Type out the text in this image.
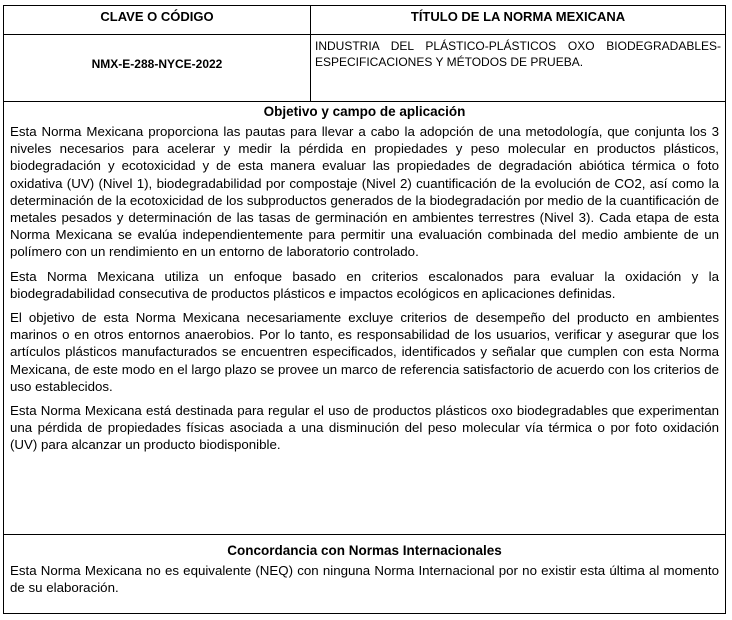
CLAVE O CÓDIGO	TÍTULO DE LA NORMA MEXICANA
NMX-E-288-NYCE-2022
INDUSTRIA DEL PLÁSTICO-PLÁSTICOS OXO BIODEGRADABLES-ESPECIFICACIONES Y MÉTODOS DE PRUEBA.
Objetivo y campo de aplicación

Esta Norma Mexicana proporciona las pautas para llevar a cabo la adopción de una metodología, que conjunta los 3 niveles necesarios para acelerar y medir la pérdida en propiedades y peso molecular en productos plásticos, biodegradación y ecotoxicidad y de esta manera evaluar las propiedades de degradación abiótica térmica o foto oxidativa (UV) (Nivel 1), biodegradabilidad por compostaje (Nivel 2) cuantificación de la evolución de CO2, así como la determinación de la ecotoxicidad de los subproductos generados de la biodegradación por medio de la cuantificación de metales pesados y determinación de las tasas de germinación en ambientes terrestres (Nivel 3). Cada etapa de esta Norma Mexicana se evalúa independientemente para permitir una evaluación combinada del medio ambiente de un polímero con un rendimiento en un entorno de laboratorio controlado.

Esta Norma Mexicana utiliza un enfoque basado en criterios escalonados para evaluar la oxidación y la biodegradabilidad consecutiva de productos plásticos e impactos ecológicos en aplicaciones definidas.

El objetivo de esta Norma Mexicana necesariamente excluye criterios de desempeño del producto en ambientes marinos o en otros entornos anaerobios. Por lo tanto, es responsabilidad de los usuarios, verificar y asegurar que los artículos plásticos manufacturados se encuentren especificados, identificados y señalar que cumplen con esta Norma Mexicana, de este modo en el largo plazo se provee un marco de referencia satisfactorio de acuerdo con los criterios de uso establecidos.

Esta Norma Mexicana está destinada para regular el uso de productos plásticos oxo biodegradables que experimentan una pérdida de propiedades físicas asociada a una disminución del peso molecular vía térmica o por foto oxidación (UV) para alcanzar un producto biodisponible.

Concordancia con Normas Internacionales

Esta Norma Mexicana no es equivalente (NEQ) con ninguna Norma Internacional por no existir esta última al momento de su elaboración.
